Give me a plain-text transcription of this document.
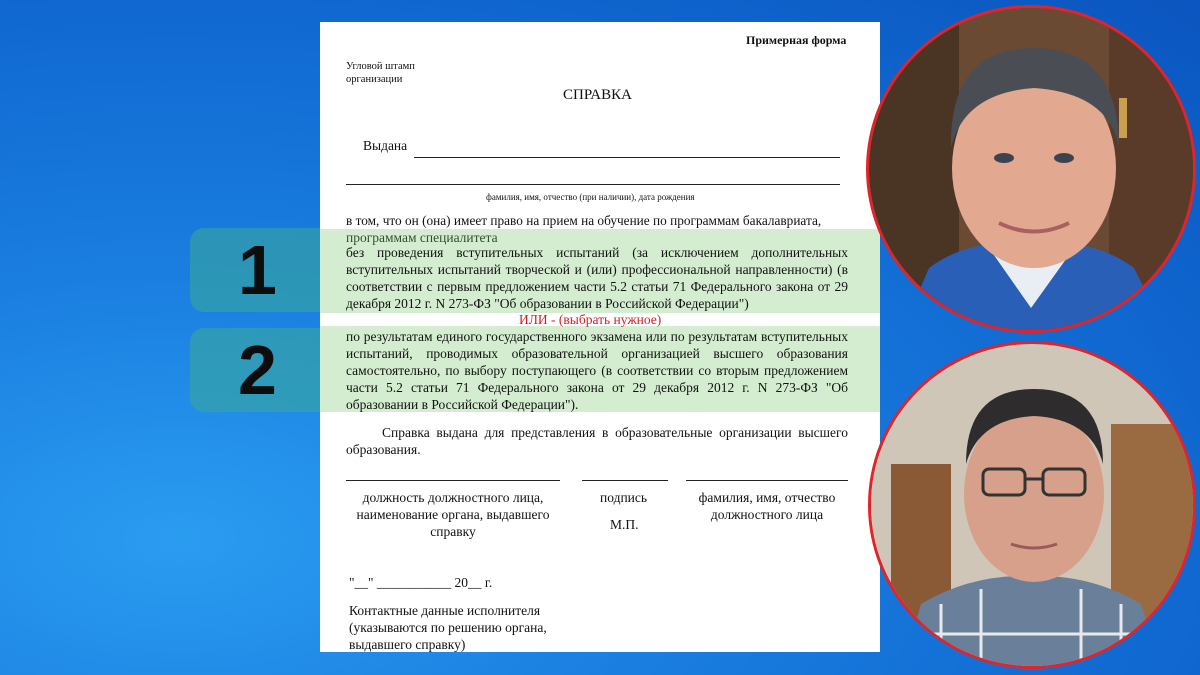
1
2
Примерная форма
Угловой штамп
организации
СПРАВКА
Выдана
фамилия, имя, отчество (при наличии), дата рождения
в том, что он (она) имеет право на прием на обучение по программам бакалавриата,
программам специалитета
без проведения вступительных испытаний (за исключением дополнительных вступительных испытаний творческой и (или) профессиональной направленности) (в соответствии с первым предложением части 5.2 статьи 71 Федерального закона от 29 декабря 2012 г. N 273-ФЗ "Об образовании в Российской Федерации")
ИЛИ - (выбрать нужное)
по результатам единого государственного экзамена или по результатам вступительных испытаний, проводимых образовательной организацией высшего образования самостоятельно, по выбору поступающего (в соответствии со вторым предложением части 5.2 статьи 71 Федерального закона от 29 декабря 2012 г. N 273-ФЗ "Об образовании в Российской Федерации").
Справка выдана для представления в образовательные организации высшего образования.
должность должностного лица, наименование органа, выдавшего справку
подпись
М.П.
фамилия, имя, отчество должностного лица
"__" ___________ 20__ г.
Контактные данные исполнителя
(указываются по решению органа,
выдавшего справку)
